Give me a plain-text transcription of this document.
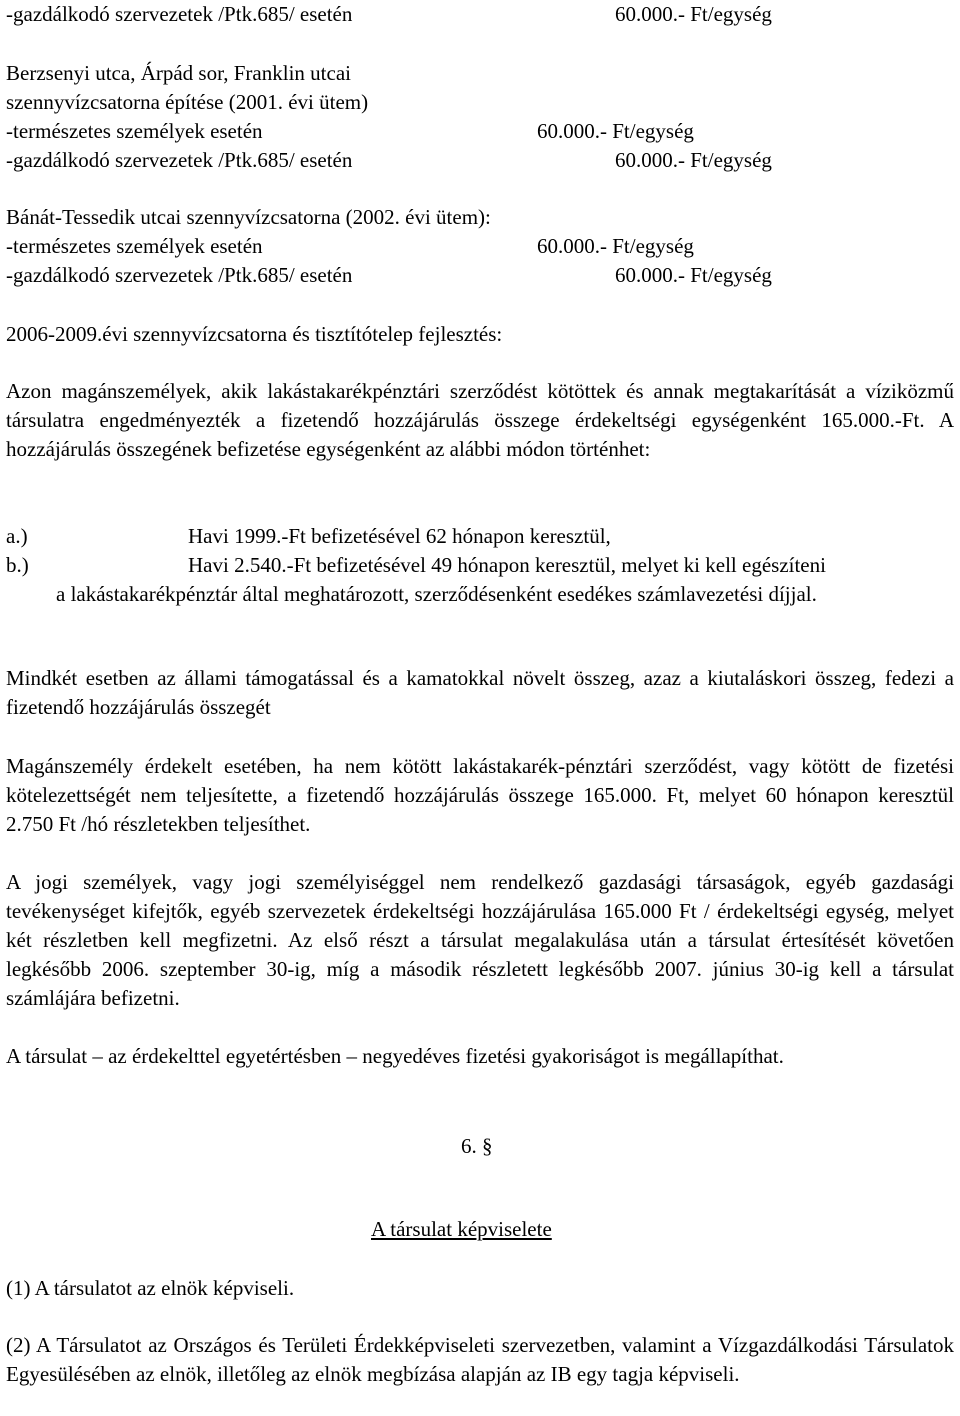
-gazdálkodó szervezetek /Ptk.685/ esetén	60.000.- Ft/egység
Berzsenyi utca, Árpád sor, Franklin utcai
szennyvízcsatorna építése (2001. évi ütem)
-természetes személyek esetén	60.000.- Ft/egység
-gazdálkodó szervezetek /Ptk.685/ esetén	60.000.- Ft/egység
Bánát-Tessedik utcai szennyvízcsatorna (2002. évi ütem):
-természetes személyek esetén	60.000.- Ft/egység
-gazdálkodó szervezetek /Ptk.685/ esetén	60.000.- Ft/egység
2006-2009.évi szennyvízcsatorna és tisztítótelep fejlesztés:
Azon magánszemélyek, akik lakástakarékpénztári szerződést kötöttek és annak megtakarítását a víziközmű társulatra engedményezték a fizetendő hozzájárulás összege érdekeltségi egységenként 165.000.-Ft. A hozzájárulás összegének befizetése egységenként az alábbi módon történhet:
a.)	Havi 1999.-Ft befizetésével 62 hónapon keresztül,
b.)	Havi 2.540.-Ft befizetésével 49 hónapon keresztül, melyet ki kell egészíteni
a lakástakarékpénztár által meghatározott, szerződésenként esedékes számlavezetési díjjal.
Mindkét esetben az állami támogatással és a kamatokkal növelt összeg, azaz a kiutaláskori összeg, fedezi a fizetendő hozzájárulás összegét
Magánszemély érdekelt esetében, ha nem kötött lakástakarék-pénztári szerződést, vagy kötött de fizetési kötelezettségét nem teljesítette, a fizetendő hozzájárulás összege 165.000. Ft, melyet 60 hónapon keresztül 2.750 Ft /hó részletekben teljesíthet.
A jogi személyek, vagy jogi személyiséggel nem rendelkező gazdasági társaságok, egyéb gazdasági tevékenységet kifejtők, egyéb szervezetek érdekeltségi hozzájárulása 165.000 Ft / érdekeltségi egység, melyet két részletben kell megfizetni. Az első részt a társulat megalakulása után a társulat értesítését követően legkésőbb 2006. szeptember 30-ig, míg a második részletett legkésőbb 2007. június 30-ig kell a társulat számlájára befizetni.
A társulat – az érdekelttel egyetértésben – negyedéves fizetési gyakoriságot is megállapíthat.
6. §
A társulat képviselete
(1) A társulatot az elnök képviseli.
(2) A Társulatot az Országos és Területi Érdekképviseleti szervezetben, valamint a Vízgazdálkodási Társulatok Egyesülésében az elnök, illetőleg az elnök megbízása alapján az IB egy tagja képviseli.
